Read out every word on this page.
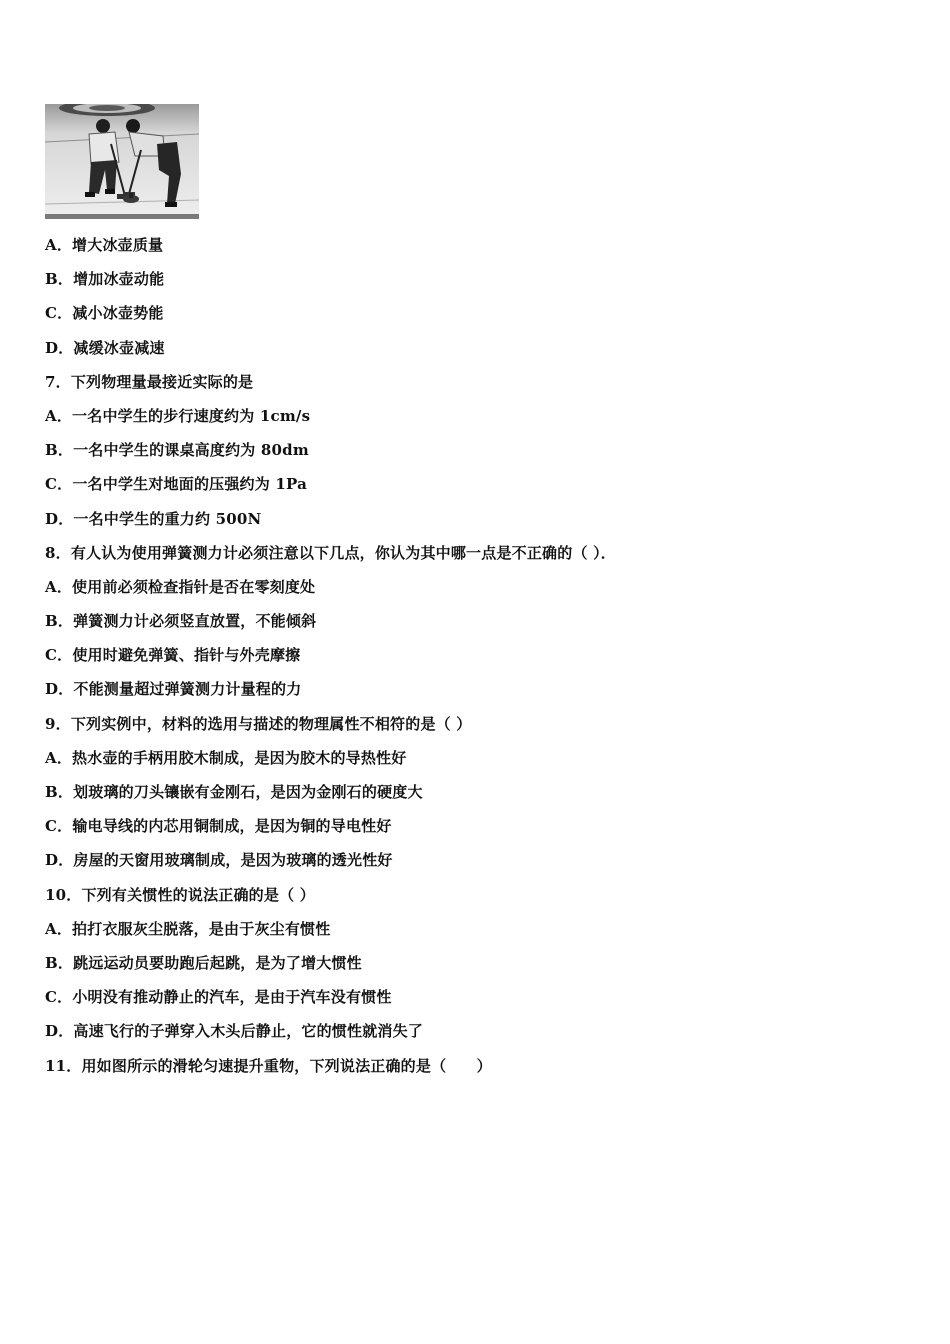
A．增大冰壶质量
B．增加冰壶动能
C．减小冰壶势能
D．减缓冰壶减速
7．下列物理量最接近实际的是
A．一名中学生的步行速度约为 1cm/s
B．一名中学生的课桌高度约为 80dm
C．一名中学生对地面的压强约为 1Pa
D．一名中学生的重力约 500N
8．有人认为使用弹簧测力计必须注意以下几点，你认为其中哪一点是不正确的（ ）．
A．使用前必须检查指针是否在零刻度处
B．弹簧测力计必须竖直放置，不能倾斜
C．使用时避免弹簧、指针与外壳摩擦
D．不能测量超过弹簧测力计量程的力
9．下列实例中，材料的选用与描述的物理属性不相符的是（ ）
A．热水壶的手柄用胶木制成，是因为胶木的导热性好
B．划玻璃的刀头镶嵌有金刚石，是因为金刚石的硬度大
C．输电导线的内芯用铜制成，是因为铜的导电性好
D．房屋的天窗用玻璃制成，是因为玻璃的透光性好
10．下列有关惯性的说法正确的是（ ）
A．拍打衣服灰尘脱落，是由于灰尘有惯性
B．跳远运动员要助跑后起跳，是为了增大惯性
C．小明没有推动静止的汽车，是由于汽车没有惯性
D．高速飞行的子弹穿入木头后静止，它的惯性就消失了
11．用如图所示的滑轮匀速提升重物，下列说法正确的是（　　）
